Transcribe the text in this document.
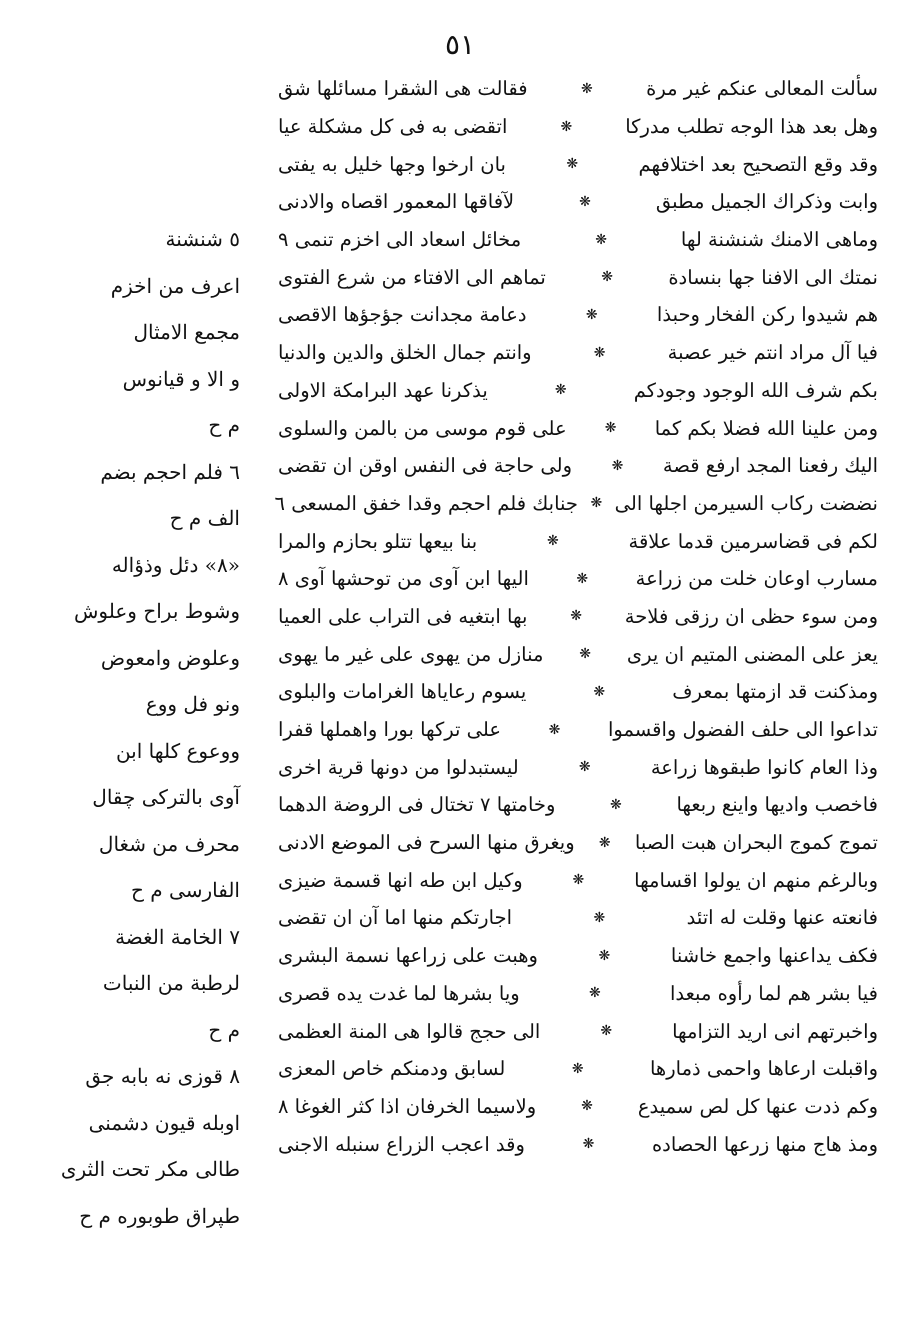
٥١
سألت المعالى عنكم غير مرة
❋
فقالت هى الشقرا مسائلها شق
وهل بعد هذا الوجه تطلب مدركا
❋
اتقضى به فى كل مشكلة عيا
وقد وقع التصحيح بعد اختلافهم
❋
بان ارخوا وجها خليل به يفتى
وابت وذكراك الجميل مطبق
❋
لآفاقها المعمور اقصاه والادنى
وماهى الامنك شنشنة لها
❋
مخائل اسعاد الى اخزم تنمى ٩
نمتك الى الافنا جها بنسادة
❋
تماهم الى الافتاء من شرع الفتوى
هم شيدوا ركن الفخار وحبذا
❋
دعامة مجدانت جؤجؤها الاقصى
فيا آل مراد انتم خير عصبة
❋
وانتم جمال الخلق والدين والدنيا
بكم شرف الله الوجود وجودكم
❋
يذكرنا عهد البرامكة الاولى
ومن علينا الله فضلا بكم كما
❋
على قوم موسى من بالمن والسلوى
اليك رفعنا المجد ارفع قصة
❋
ولى حاجة فى النفس اوقن ان تقضى
نضضت ركاب السيرمن اجلها الى
❋
جنابك فلم احجم وقدا خفق المسعى ٦
لكم فى قضاسرمين قدما علاقة
❋
بنا بيعها تتلو بحازم والمرا
مسارب اوعان خلت من زراعة
❋
اليها ابن آوى من توحشها آوى ٨
ومن سوء حظى ان رزقى فلاحة
❋
بها ابتغيه فى التراب على العميا
يعز على المضنى المتيم ان يرى
❋
منازل من يهوى على غير ما يهوى
ومذكنت قد ازمتها بمعرف
❋
يسوم رعاياها الغرامات والبلوى
تداعوا الى حلف الفضول واقسموا
❋
على تركها بورا واهملها قفرا
وذا العام كانوا طبقوها زراعة
❋
ليستبدلوا من دونها قرية اخرى
فاخصب واديها واينع ربعها
❋
وخامتها ٧ تختال فى الروضة الدهما
تموج كموج البحران هبت الصبا
❋
ويغرق منها السرح فى الموضع الادنى
وبالرغم منهم ان يولوا اقسامها
❋
وكيل ابن طه انها قسمة ضيزى
فانعته عنها وقلت له اتئد
❋
اجارتكم منها اما آن ان تقضى
فكف يداعنها واجمع خاشنا
❋
وهبت على زراعها نسمة البشرى
فيا بشر هم لما رأوه مبعدا
❋
ويا بشرها لما غدت يده قصرى
واخبرتهم انى اريد التزامها
❋
الى حجج قالوا هى المنة العظمى
واقبلت ارعاها واحمى ذمارها
❋
لسابق ودمنكم خاص المعزى
وكم ذدت عنها كل لص سميدع
❋
ولاسيما الخرفان اذا كثر الغوغا ٨
ومذ هاج منها زرعها الحصاده
❋
وقد اعجب الزراع سنبله الاجنى
٥ شنشنة
اعرف من اخزم
مجمع الامثال
و الا و قيانوس
م ح
٦ فلم احجم بضم
الف م ح
«٨» دئل وذؤاله
وشوط براح وعلوش
وعلوض وامعوض
ونو فل ووع
ووعوع كلها ابن
آوى بالتركى چقال
محرف من شغال
الفارسى م ح
٧ الخامة الغضة
لرطبة من النبات
م ح
٨ قوزى نه بابه جق
اوبله قيون دشمنى
طالى مكر تحت الثرى
طپراق طوبوره م ح
